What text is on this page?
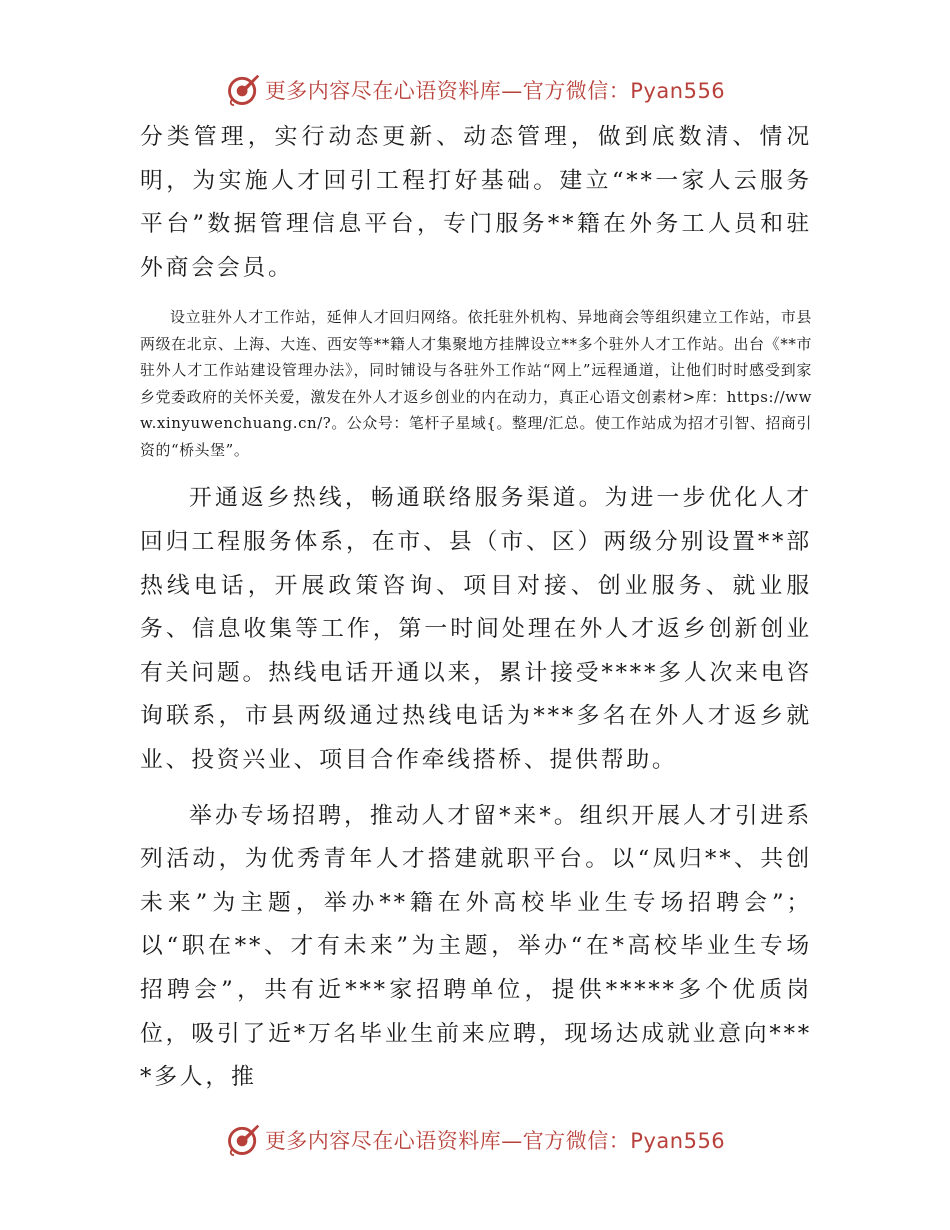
更多内容尽在心语资料库—官方微信：Pyan556

分类管理，实行动态更新、动态管理，做到底数清、情况明，为实施人才回引工程打好基础。建立“**一家人云服务平台”数据管理信息平台，专门服务**籍在外务工人员和驻外商会会员。

设立驻外人才工作站，延伸人才回归网络。依托驻外机构、异地商会等组织建立工作站，市县两级在北京、上海、大连、西安等**籍人才集聚地方挂牌设立**多个驻外人才工作站。出台《**市驻外人才工作站建设管理办法》，同时铺设与各驻外工作站“网上”远程通道，让他们时时感受到家乡党委政府的关怀关爱，激发在外人才返乡创业的内在动力，真正心语文创素材>库：https://www.xinyuwenchuang.cn/?。公众号：笔杆子星域{。整理/汇总。使工作站成为招才引智、招商引资的“桥头堡”。

开通返乡热线，畅通联络服务渠道。为进一步优化人才回归工程服务体系，在市、县（市、区）两级分别设置**部热线电话，开展政策咨询、项目对接、创业服务、就业服务、信息收集等工作，第一时间处理在外人才返乡创新创业有关问题。热线电话开通以来，累计接受****多人次来电咨询联系，市县两级通过热线电话为***多名在外人才返乡就业、投资兴业、项目合作牵线搭桥、提供帮助。

举办专场招聘，推动人才留*来*。组织开展人才引进系列活动，为优秀青年人才搭建就职平台。以“凤归**、共创未来”为主题，举办**籍在外高校毕业生专场招聘会”；以“职在**、才有未来”为主题，举办“在*高校毕业生专场招聘会”，共有近***家招聘单位，提供*****多个优质岗位，吸引了近*万名毕业生前来应聘，现场达成就业意向****多人，推

更多内容尽在心语资料库—官方微信：Pyan556
